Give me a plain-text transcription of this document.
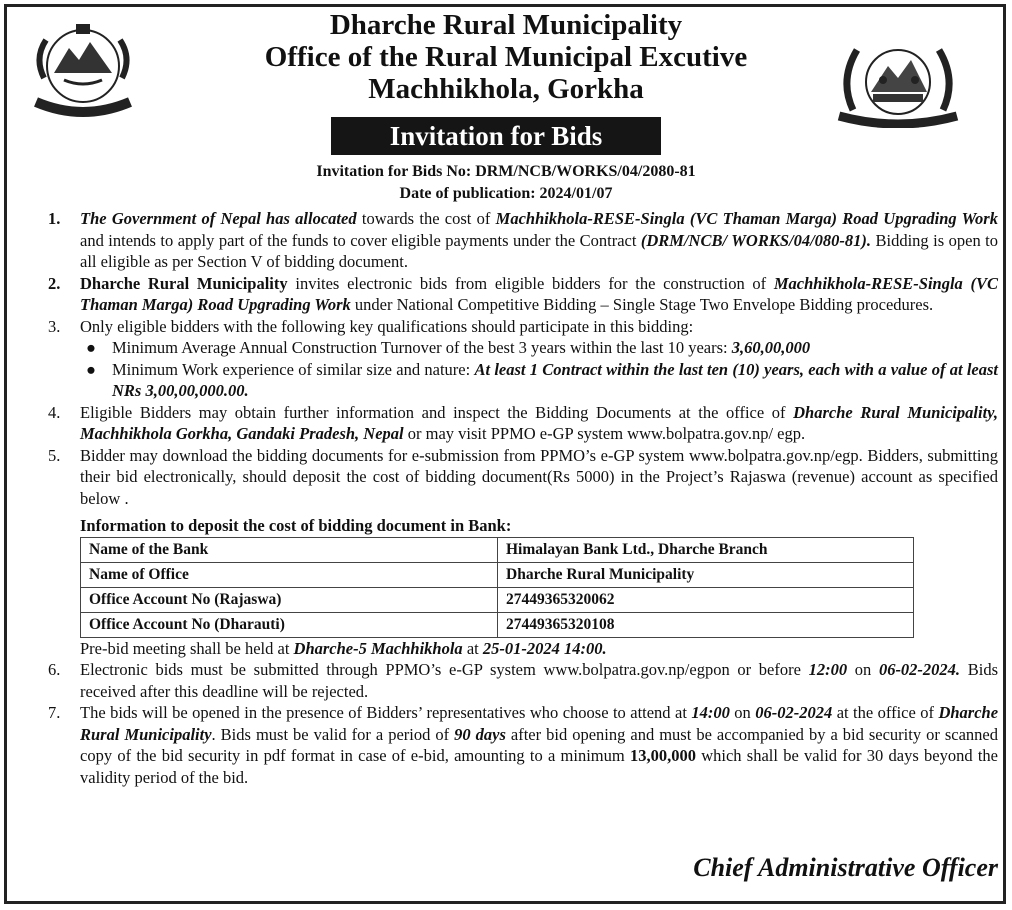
Dharche Rural Municipality
Office of the Rural Municipal Excutive
Machhikhola, Gorkha
Invitation for Bids
Invitation for Bids No: DRM/NCB/WORKS/04/2080-81
Date of publication: 2024/01/07
1. The Government of Nepal has allocated towards the cost of Machhikhola-RESE-Singla (VC Thaman Marga) Road Upgrading Work and intends to apply part of the funds to cover eligible payments under the Contract (DRM/NCB/ WORKS/04/080-81). Bidding is open to all eligible as per Section V of bidding document.
2. Dharche Rural Municipality invites electronic bids from eligible bidders for the construction of Machhikhola-RESE-Singla (VC Thaman Marga) Road Upgrading Work under National Competitive Bidding – Single Stage Two Envelope Bidding procedures.
3. Only eligible bidders with the following key qualifications should participate in this bidding:
● Minimum Average Annual Construction Turnover of the best 3 years within the last 10 years: 3,60,00,000
● Minimum Work experience of similar size and nature: At least 1 Contract within the last ten (10) years, each with a value of at least NRs 3,00,00,000.00.
4. Eligible Bidders may obtain further information and inspect the Bidding Documents at the office of Dharche Rural Municipality, Machhikhola Gorkha, Gandaki Pradesh, Nepal or may visit PPMO e-GP system www.bolpatra.gov.np/ egp.
5. Bidder may download the bidding documents for e-submission from PPMO’s e-GP system www.bolpatra.gov.np/egp. Bidders, submitting their bid electronically, should deposit the cost of bidding document(Rs 5000) in the Project’s Rajaswa (revenue) account as specified below .
Information to deposit the cost of bidding document in Bank:
Name of the Bank	Himalayan Bank Ltd., Dharche Branch
Name of Office	Dharche Rural Municipality
Office Account No (Rajaswa)	27449365320062
Office Account No (Dharauti)	27449365320108
Pre-bid meeting shall be held at Dharche-5 Machhikhola at 25-01-2024 14:00.
6. Electronic bids must be submitted through PPMO’s e-GP system www.bolpatra.gov.np/egpon or before 12:00 on 06-02-2024. Bids received after this deadline will be rejected.
7. The bids will be opened in the presence of Bidders’ representatives who choose to attend at 14:00 on 06-02-2024 at the office of Dharche Rural Municipality. Bids must be valid for a period of 90 days after bid opening and must be accompanied by a bid security or scanned copy of the bid security in pdf format in case of e-bid, amounting to a minimum 13,00,000 which shall be valid for 30 days beyond the validity period of the bid.
Chief Administrative Officer
